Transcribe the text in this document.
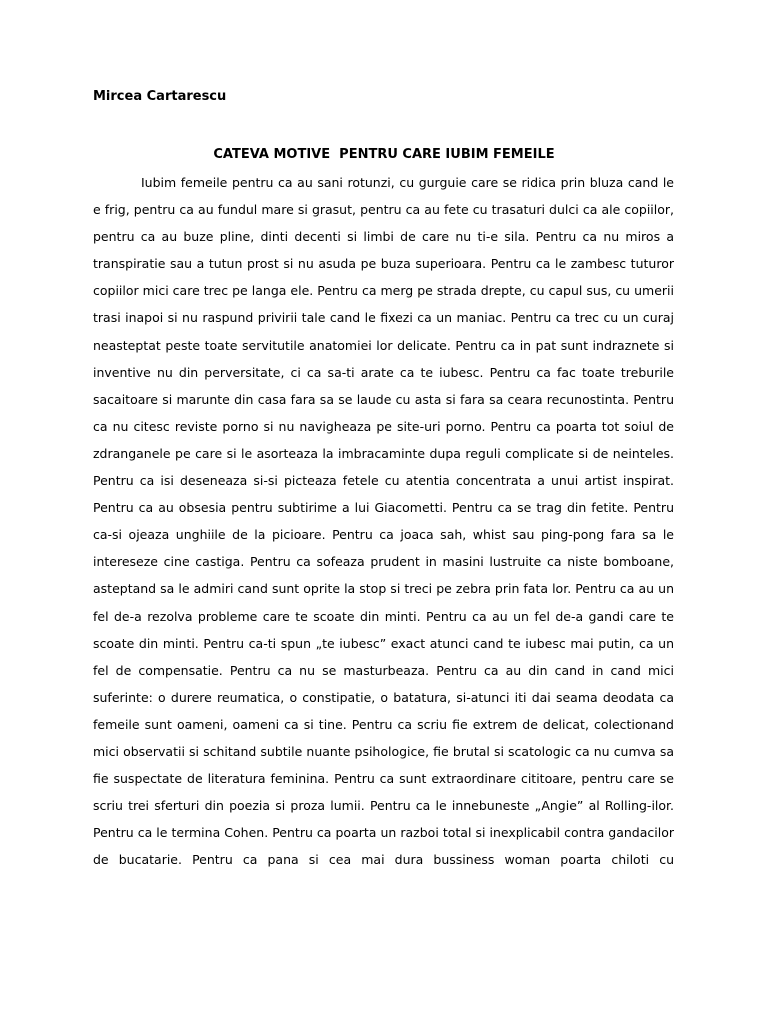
Mircea Cartarescu
CATEVA MOTIVE  PENTRU CARE IUBIM FEMEILE
Iubim femeile pentru ca au sani rotunzi, cu gurguie care se ridica prin bluza cand le
e frig, pentru ca au fundul mare si grasut, pentru ca au fete cu trasaturi dulci ca ale copiilor,
pentru ca au buze pline, dinti decenti si limbi de care nu ti-e sila. Pentru ca nu miros a
transpiratie sau a tutun prost si nu asuda pe buza superioara. Pentru ca le zambesc tuturor
copiilor mici care trec pe langa ele. Pentru ca merg pe strada drepte, cu capul sus, cu umerii
trasi inapoi si nu raspund privirii tale cand le fixezi ca un maniac. Pentru ca trec cu un curaj
neasteptat peste toate servitutile anatomiei lor delicate. Pentru ca in pat sunt indraznete si
inventive nu din perversitate, ci ca sa-ti arate ca te iubesc. Pentru ca fac toate treburile
sacaitoare si marunte din casa fara sa se laude cu asta si fara sa ceara recunostinta. Pentru
ca nu citesc reviste porno si nu navigheaza pe site-uri porno. Pentru ca poarta tot soiul de
zdranganele pe care si le asorteaza la imbracaminte dupa reguli complicate si de neinteles.
Pentru ca isi deseneaza si-si picteaza fetele cu atentia concentrata a unui artist inspirat.
Pentru ca au obsesia pentru subtirime a lui Giacometti. Pentru ca se trag din fetite. Pentru
ca-si ojeaza unghiile de la picioare. Pentru ca joaca sah, whist sau ping-pong fara sa le
intereseze cine castiga. Pentru ca sofeaza prudent in masini lustruite ca niste bomboane,
asteptand sa le admiri cand sunt oprite la stop si treci pe zebra prin fata lor. Pentru ca au un
fel de-a rezolva probleme care te scoate din minti. Pentru ca au un fel de-a gandi care te
scoate din minti. Pentru ca-ti spun „te iubesc” exact atunci cand te iubesc mai putin, ca un
fel de compensatie. Pentru ca nu se masturbeaza. Pentru ca au din cand in cand mici
suferinte: o durere reumatica, o constipatie, o batatura, si-atunci iti dai seama deodata ca
femeile sunt oameni, oameni ca si tine. Pentru ca scriu fie extrem de delicat, colectionand
mici observatii si schitand subtile nuante psihologice, fie brutal si scatologic ca nu cumva sa
fie suspectate de literatura feminina. Pentru ca sunt extraordinare cititoare, pentru care se
scriu trei sferturi din poezia si proza lumii. Pentru ca le innebuneste „Angie” al Rolling-ilor.
Pentru ca le termina Cohen. Pentru ca poarta un razboi total si inexplicabil contra gandacilor
de bucatarie. Pentru ca pana si cea mai dura bussiness woman poarta chiloti cu
